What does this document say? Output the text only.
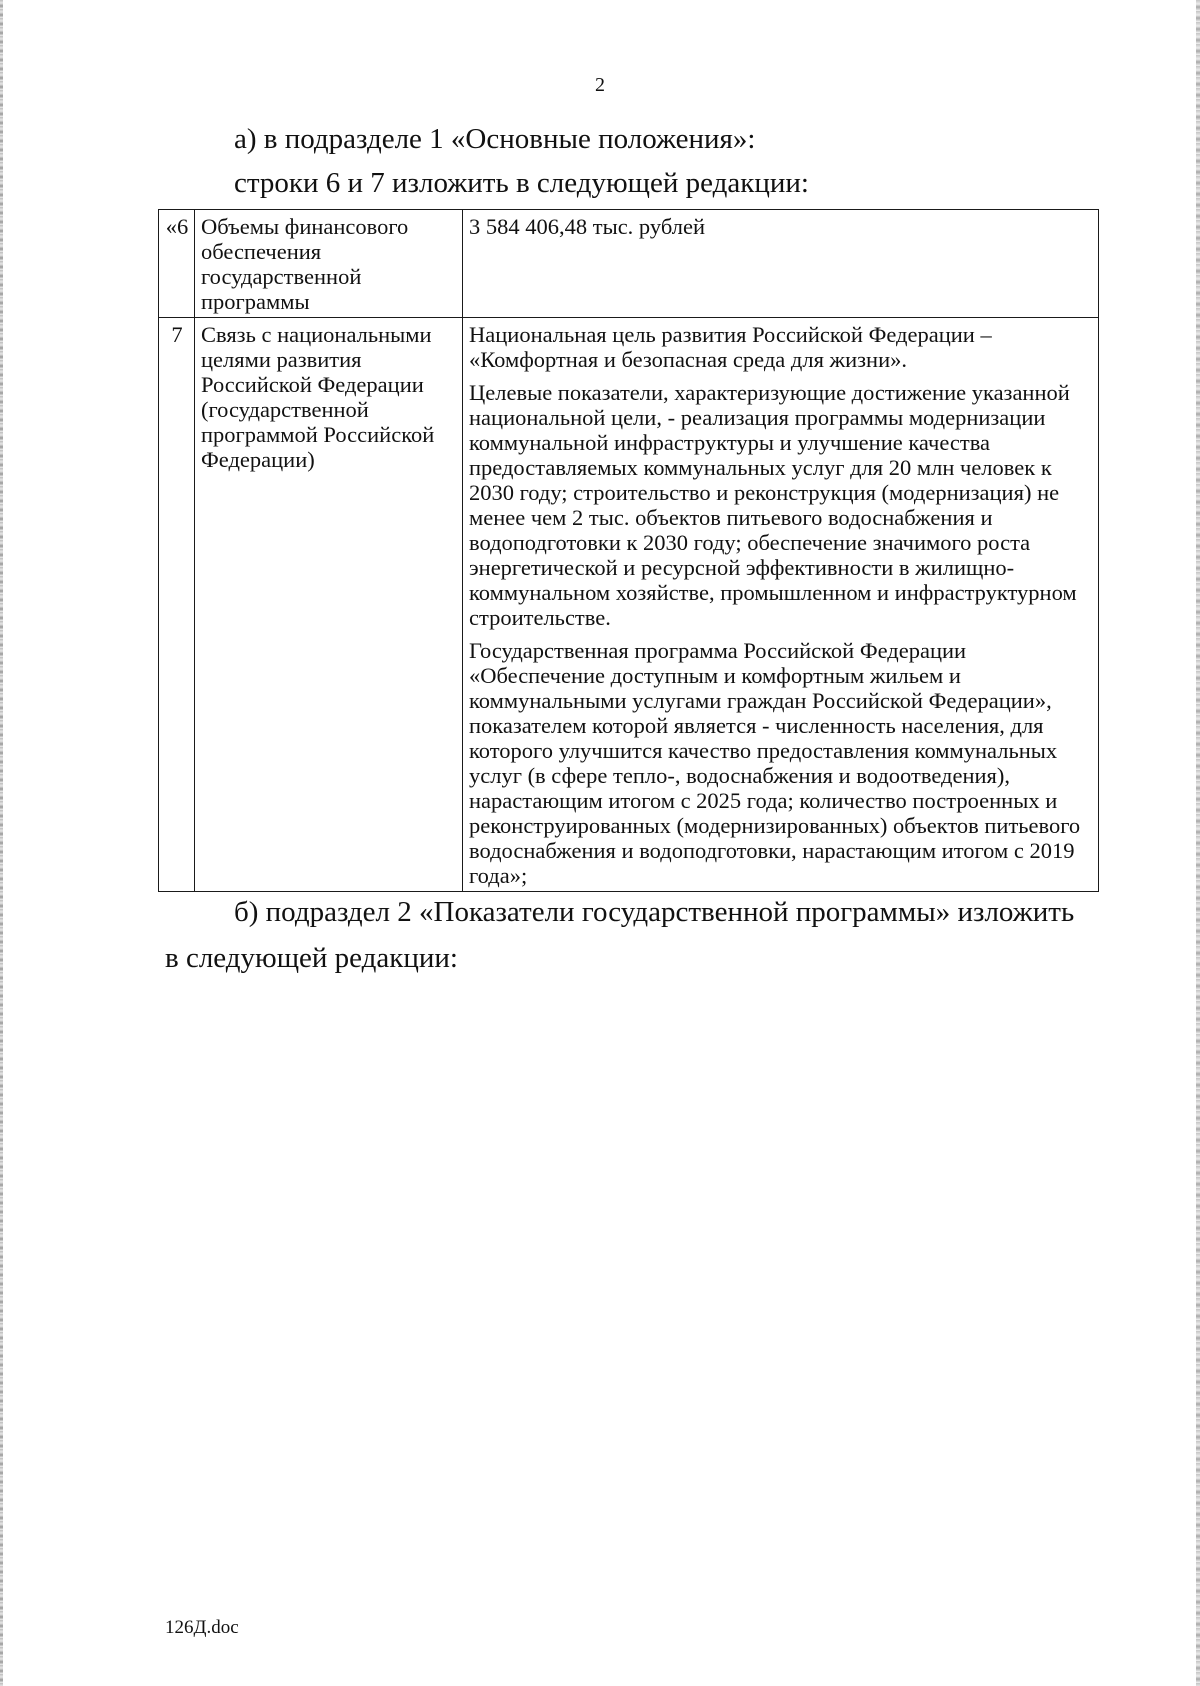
2
а) в подразделе 1 «Основные положения»:
строки 6 и 7 изложить в следующей редакции:
«6	Объемы финансового обеспечения государственной программы	3 584 406,48 тыс. рублей

7	Связь с национальными целями развития Российской Федерации (государственной программой Российской Федерации)	Национальная цель развития Российской Федерации – «Комфортная и безопасная среда для жизни».

Целевые показатели, характеризующие достижение указанной национальной цели, - реализация программы модернизации коммунальной инфраструктуры и улучшение качества предоставляемых коммунальных услуг для 20 млн человек к 2030 году; строительство и реконструкция (модернизация) не менее чем 2 тыс. объектов питьевого водоснабжения и водоподготовки к 2030 году; обеспечение значимого роста энергетической и ресурсной эффективности в жилищно-коммунальном хозяйстве, промышленном и инфраструктурном строительстве.

Государственная программа Российской Федерации «Обеспечение доступным и комфортным жильем и коммунальными услугами граждан Российской Федерации», показателем которой является - численность населения, для которого улучшится качество предоставления коммунальных услуг (в сфере тепло-, водоснабжения и водоотведения), нарастающим итогом с 2025 года; количество построенных и реконструированных (модернизированных) объектов питьевого водоснабжения и водоподготовки, нарастающим итогом с 2019 года»;

б) подраздел 2 «Показатели государственной программы» изложить
в следующей редакции:
126Д.doc
